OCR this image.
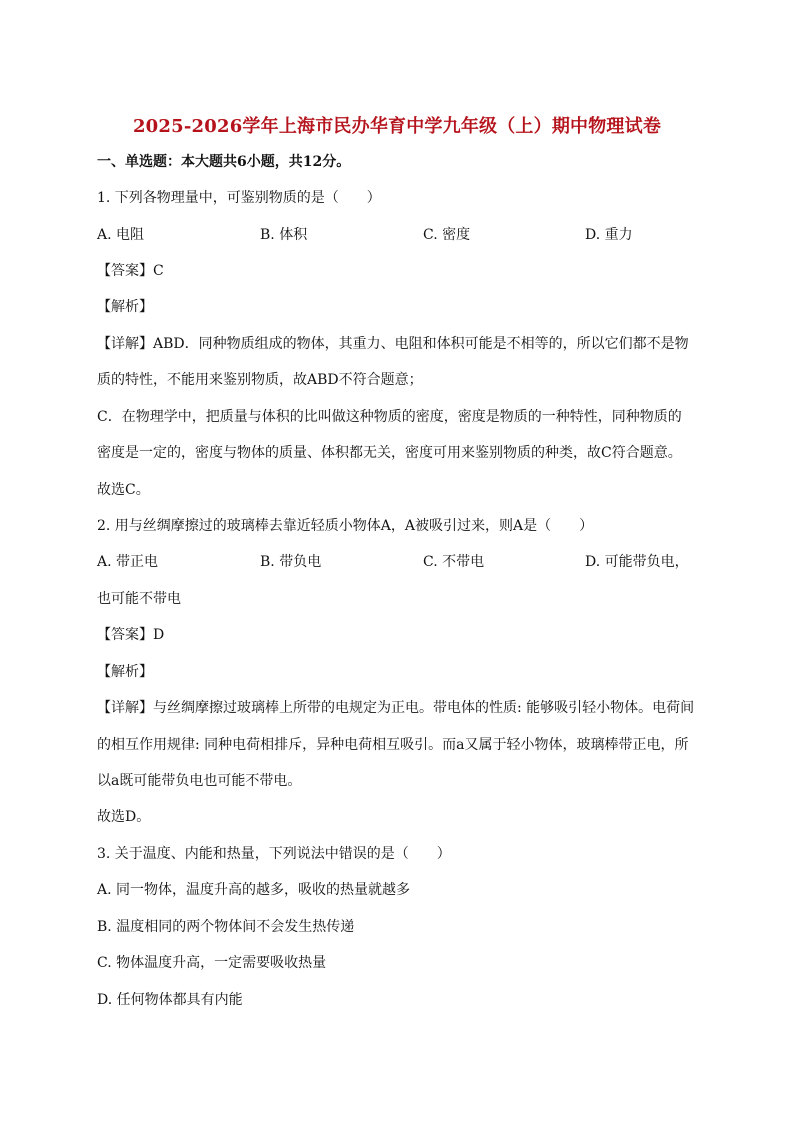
2025-2026学年上海市民办华育中学九年级（上）期中物理试卷
一、单选题：本大题共6小题，共12分。
1. 下列各物理量中，可鉴别物质的是（　　）
A. 电阻	B. 体积	C. 密度	D. 重力
【答案】C
【解析】
【详解】ABD．同种物质组成的物体，其重力、电阻和体积可能是不相等的，所以它们都不是物
质的特性，不能用来鉴别物质，故ABD不符合题意；
C．在物理学中，把质量与体积的比叫做这种物质的密度，密度是物质的一种特性，同种物质的
密度是一定的，密度与物体的质量、体积都无关，密度可用来鉴别物质的种类，故C符合题意。
故选C。
2. 用与丝绸摩擦过的玻璃棒去靠近轻质小物体A，A被吸引过来，则A是（　　）
A. 带正电	B. 带负电	C. 不带电	D. 可能带负电，
也可能不带电
【答案】D
【解析】
【详解】与丝绸摩擦过玻璃棒上所带的电规定为正电。带电体的性质: 能够吸引轻小物体。电荷间
的相互作用规律: 同种电荷相排斥，异种电荷相互吸引。而a又属于轻小物体，玻璃棒带正电，所
以a既可能带负电也可能不带电。
故选D。
3. 关于温度、内能和热量，下列说法中错误的是（　　）
A. 同一物体，温度升高的越多，吸收的热量就越多
B. 温度相同的两个物体间不会发生热传递
C. 物体温度升高，一定需要吸收热量
D. 任何物体都具有内能
